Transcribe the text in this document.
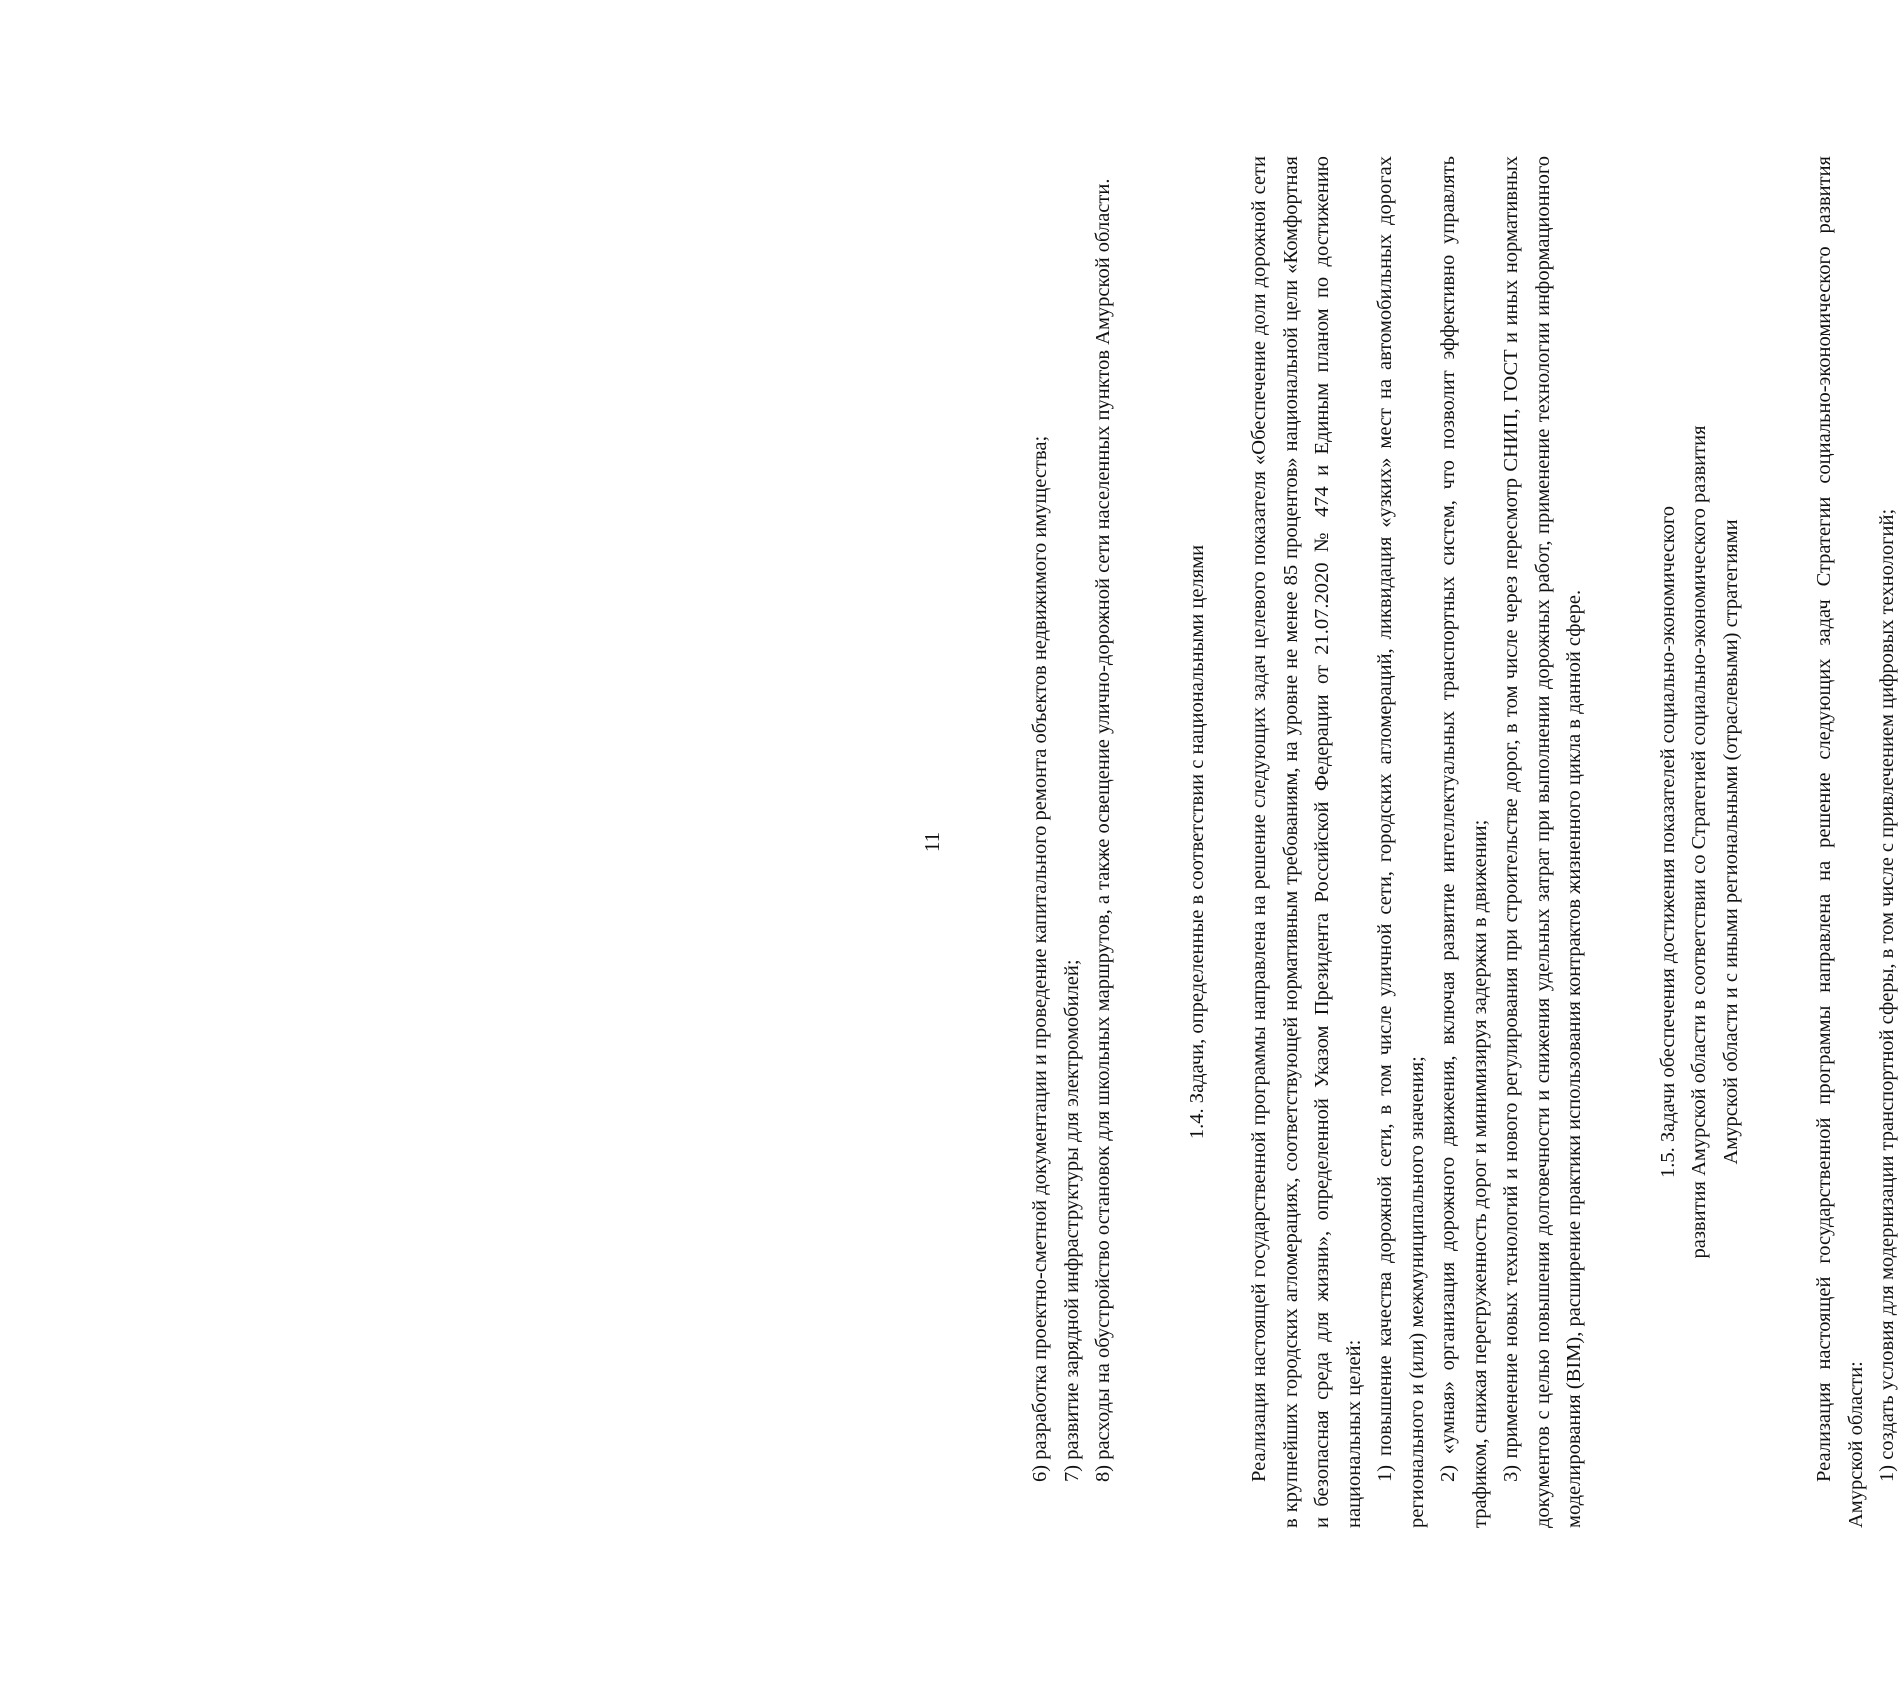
11	6) разработка проектно-сметной документации и проведение капитального ремонта объектов недвижимого имущества; 7) развитие зарядной инфраструктуры для электромобилей; 8) расходы на обустройство остановок для школьных маршрутов, а также освещение улично-дорожной сети населенных пунктов Амурской области.	1.4. Задачи, определенные в соответствии с национальными целями Реализация настоящей государственной программы направлена на решение следующих задач целевого показателя «Обеспечение доли дорожной сети в крупнейших городских агломерациях, соответствующей нормативным требованиям, на уровне не менее 85 процентов» национальной цели «Комфортная и безопасная среда для жизни», определенной Указом Президента Российской Федерации от 21.07.2020 № 474 и Единым планом по достижению национальных целей: 1) повышение качества дорожной сети, в том числе уличной сети, городских агломераций, ликвидация «узких» мест на автомобильных дорогах регионального и (или) межмуниципального значения; 2) «умная» организация дорожного движения, включая развитие интеллектуальных транспортных систем, что позволит эффективно управлять трафиком, снижая перегруженность дорог и минимизируя задержки в движении; 3) применение новых технологий и нового регулирования при строительстве дорог, в том числе через пересмотр СНИП, ГОСТ и иных нормативных документов с целью повышения долговечности и снижения удельных затрат при выполнении дорожных работ, применение технологии информационного моделирования (BIM), расширение практики использования контрактов жизненного цикла в данной сфере.	1.5. Задачи обеспечения достижения показателей социально-экономического развития Амурской области в соответствии со Стратегией социально-экономического развития Амурской области и с иными региональными (отраслевыми) стратегиями	Реализация настоящей государственной программы направлена на решение следующих задач Стратегии социально-экономического развития Амурской области: 1) создать условия для модернизации транспортной сферы, в том числе с привлечением цифровых технологий;
